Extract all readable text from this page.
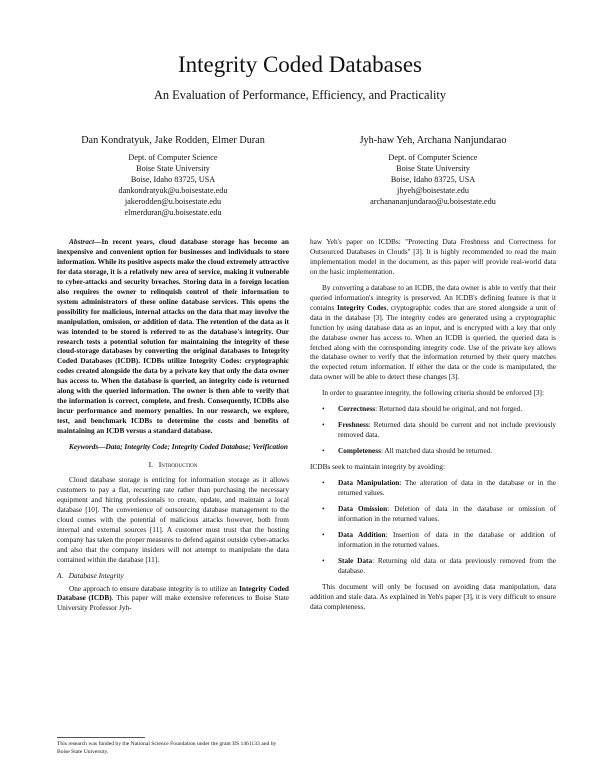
Integrity Coded Databases
An Evaluation of Performance, Efficiency, and Practicality
Dan Kondratyuk, Jake Rodden, Elmer Duran
Dept. of Computer Science
Boise State University
Boise, Idaho 83725, USA
dankondratyuk@u.boisestate.edu
jakerodden@u.boisestate.edu
elmerduran@u.boisestate.edu
Jyh-haw Yeh, Archana Nanjundarao
Dept. of Computer Science
Boise State University
Boise, Idaho 83725, USA
jhyeh@boisestate.edu
archanananjundarao@u.boisestate.edu

Abstract—In recent years, cloud database storage has become an inexpensive and convenient option for businesses and individuals to store information. While its positive aspects make the cloud extremely attractive for data storage, it is a relatively new area of service, making it vulnerable to cyber-attacks and security breaches. Storing data in a foreign location also requires the owner to relinquish control of their information to system administrators of these online database services. This opens the possibility for malicious, internal attacks on the data that may involve the manipulation, omission, or addition of data. The retention of the data as it was intended to be stored is referred to as the database's integrity. Our research tests a potential solution for maintaining the integrity of these cloud-storage databases by converting the original databases to Integrity Coded Databases (ICDB). ICDBs utilize Integrity Codes: cryptographic codes created alongside the data by a private key that only the data owner has access to. When the database is queried, an integrity code is returned along with the queried information. The owner is then able to verify that the information is correct, complete, and fresh. Consequently, ICDBs also incur performance and memory penalties. In our research, we explore, test, and benchmark ICDBs to determine the costs and benefits of maintaining an ICDB versus a standard database.

Keywords—Data; Integrity Code; Integrity Coded Database; Verification

I. Introduction

Cloud database storage is enticing for information storage as it allows customers to pay a flat, recurring rate rather than purchasing the necessary equipment and hiring professionals to create, update, and maintain a local database [10]. The convenience of outsourcing database management to the cloud comes with the potential of malicious attacks however, both from internal and external sources [11]. A customer must trust that the hosting company has taken the proper measures to defend against outside cyber-attacks and also that the company insiders will not attempt to manipulate the data contained within the database [11].

A. Database Integrity

One approach to ensure database integrity is to utilize an Integrity Coded Database (ICDB). This paper will make extensive references to Boise State University Professor Jyh-

haw Yeh's paper on ICDBs: "Protecting Data Freshness and Correctness for Outsourced Databases in Clouds" [3]. It is highly recommended to read the main implementation model in the document, as this paper will provide real-world data on the basic implementation.

By converting a database to an ICDB, the data owner is able to verify that their queried information's integrity is preserved. An ICDB's defining feature is that it contains Integrity Codes, cryptographic codes that are stored alongside a unit of data in the database [3]. The integrity codes are generated using a cryptographic function by using database data as an input, and is encrypted with a key that only the database owner has access to. When an ICDB is queried, the queried data is fetched along with the corresponding integrity code. Use of the private key allows the database owner to verify that the information returned by their query matches the expected return information. If either the data or the code is manipulated, the data owner will be able to detect these changes [3].

In order to guarantee integrity, the following criteria should be enforced [3]:

• Correctness: Returned data should be original, and not forged.
• Freshness: Returned data should be current and not include previously removed data.
• Completeness: All matched data should be returned.

ICDBs seek to maintain integrity by avoiding:

• Data Manipulation: The alteration of data in the database or in the returned values.
• Data Omission: Deletion of data in the database or omission of information in the returned values.
• Data Addition: Insertion of data in the database or addition of information in the returned values.
• Stale Data: Returning old data or data previously removed from the database.

This document will only be focused on avoiding data manipulation, data addition and stale data. As explained in Yeh's paper [3], it is very difficult to ensure data completeness,

This research was funded by the National Science Foundation under the grant IIS 1461133 and by Boise State University.
